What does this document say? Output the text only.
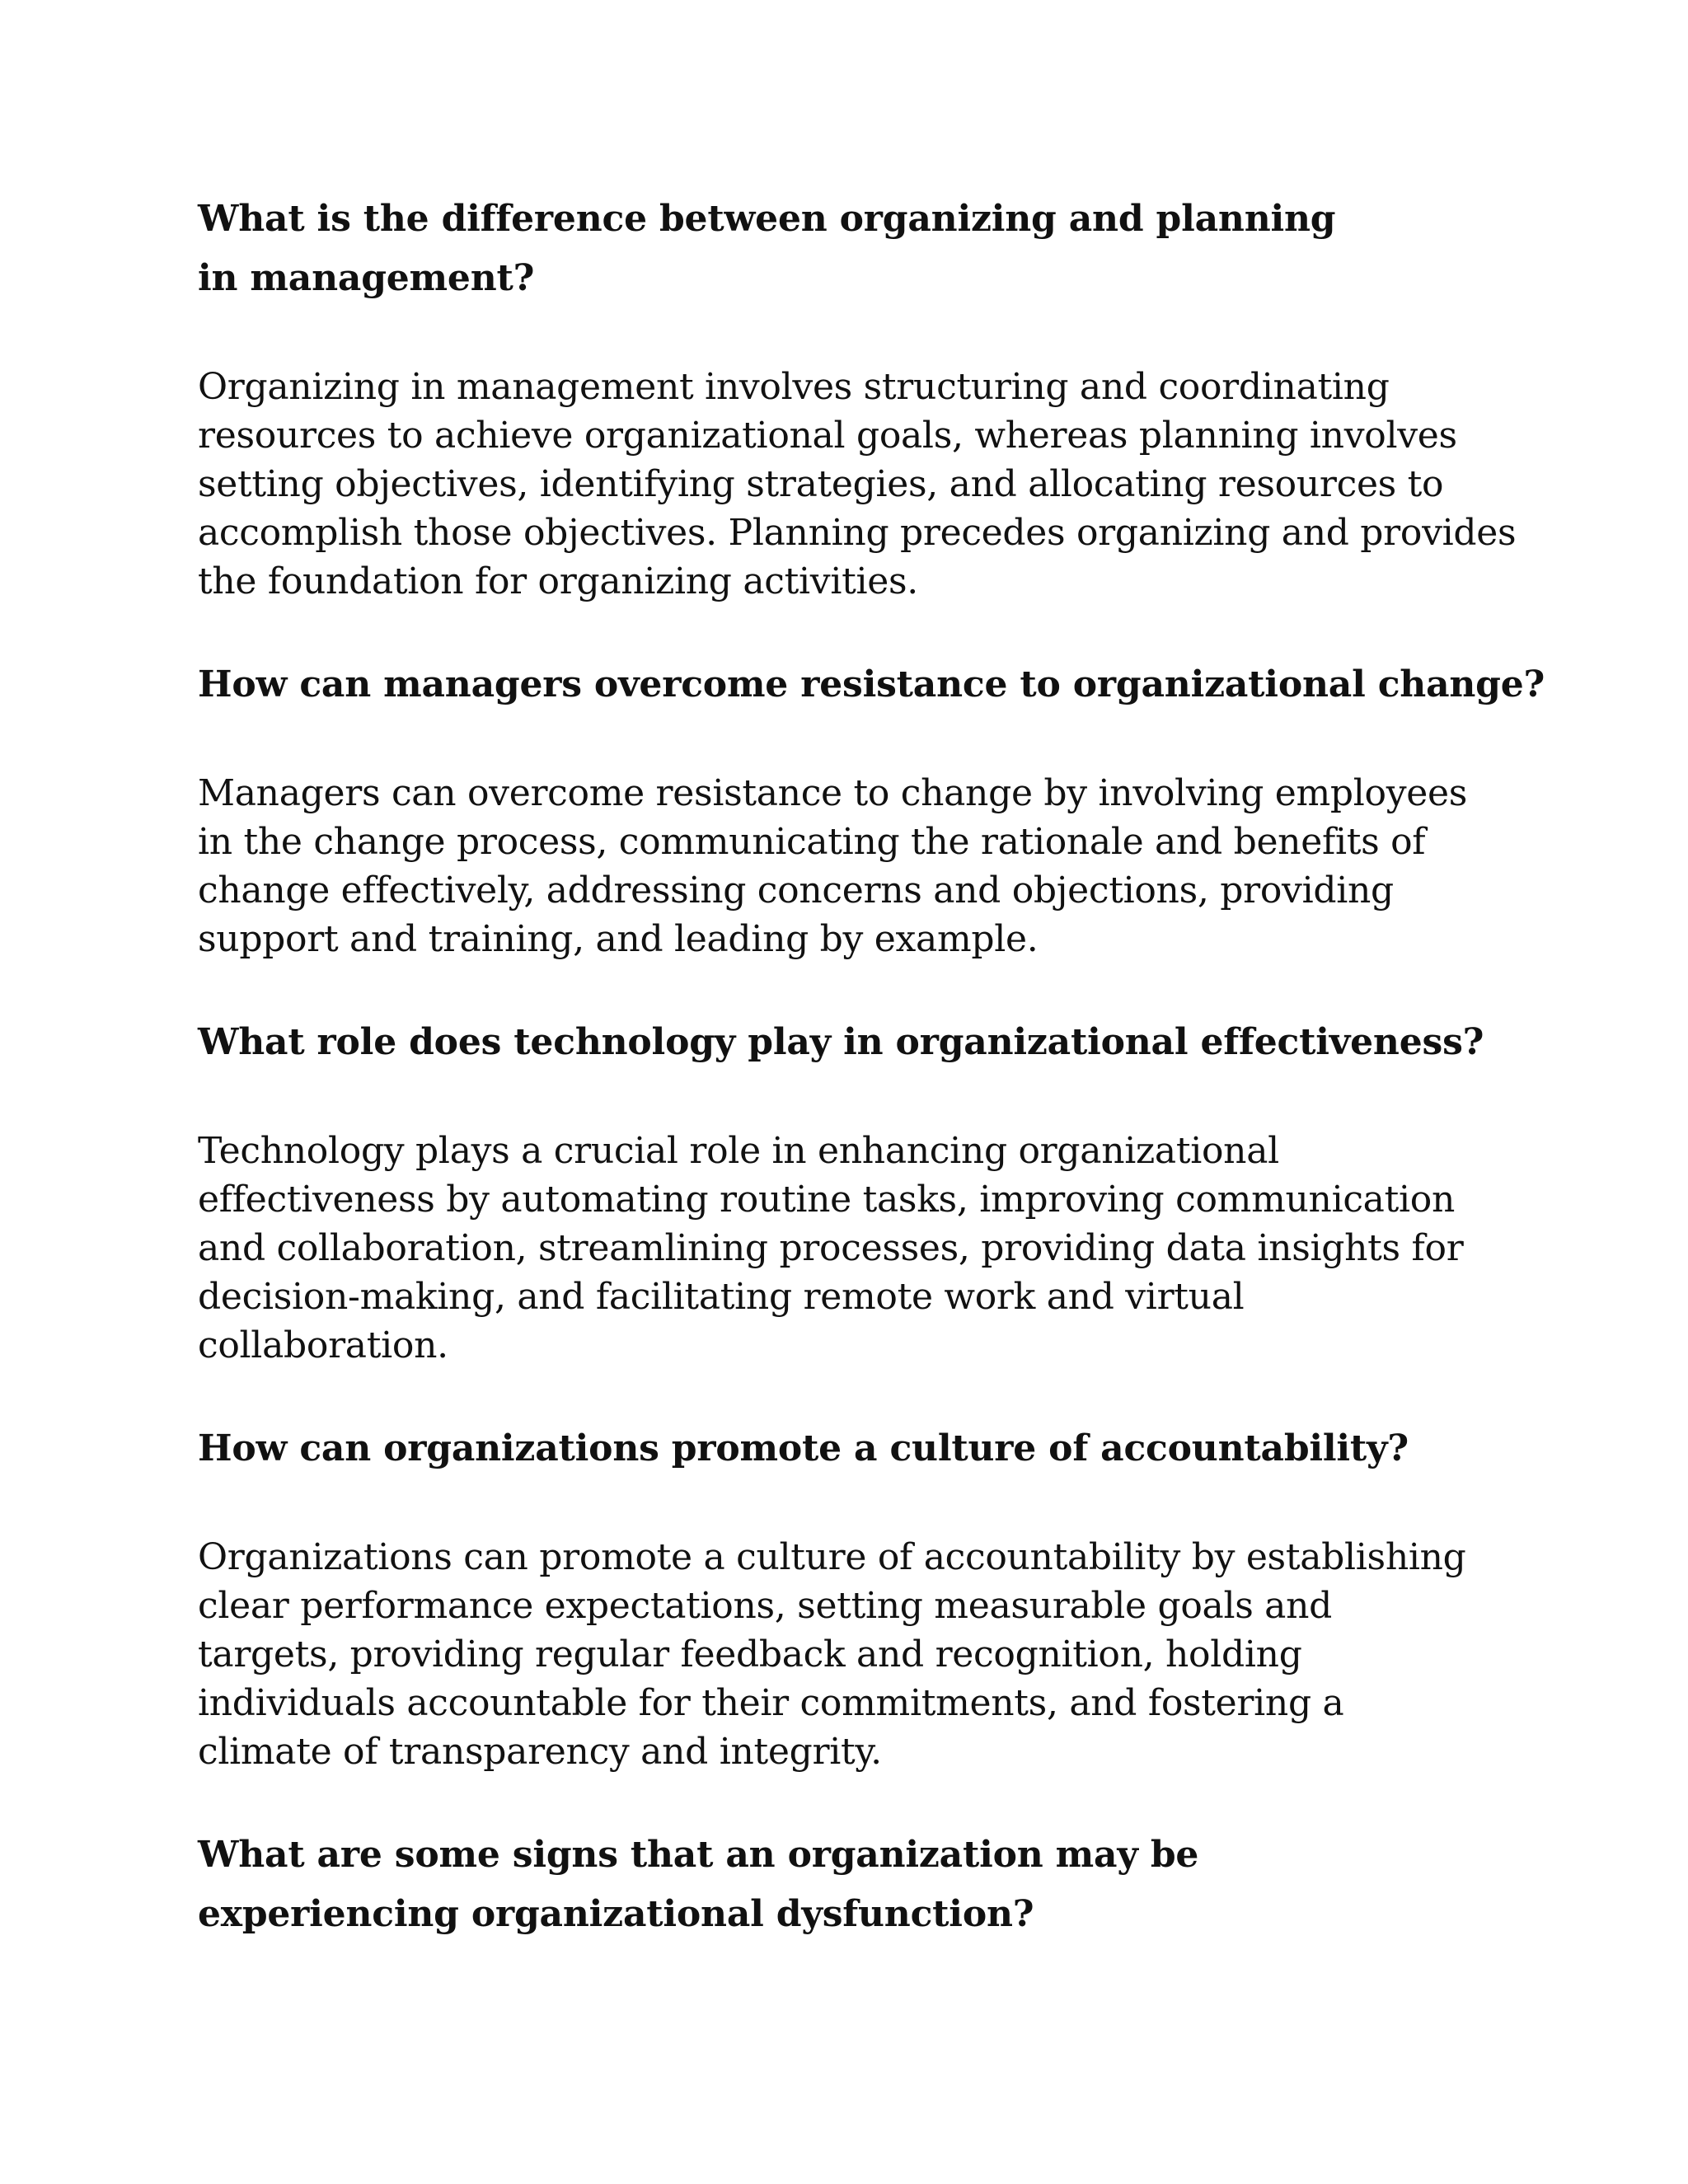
What is the difference between organizing and planning in management?

Organizing in management involves structuring and coordinating resources to achieve organizational goals, whereas planning involves setting objectives, identifying strategies, and allocating resources to accomplish those objectives. Planning precedes organizing and provides the foundation for organizing activities.

How can managers overcome resistance to organizational change?

Managers can overcome resistance to change by involving employees in the change process, communicating the rationale and benefits of change effectively, addressing concerns and objections, providing support and training, and leading by example.

What role does technology play in organizational effectiveness?

Technology plays a crucial role in enhancing organizational effectiveness by automating routine tasks, improving communication and collaboration, streamlining processes, providing data insights for decision-making, and facilitating remote work and virtual collaboration.

How can organizations promote a culture of accountability?

Organizations can promote a culture of accountability by establishing clear performance expectations, setting measurable goals and targets, providing regular feedback and recognition, holding individuals accountable for their commitments, and fostering a climate of transparency and integrity.

What are some signs that an organization may be experiencing organizational dysfunction?
